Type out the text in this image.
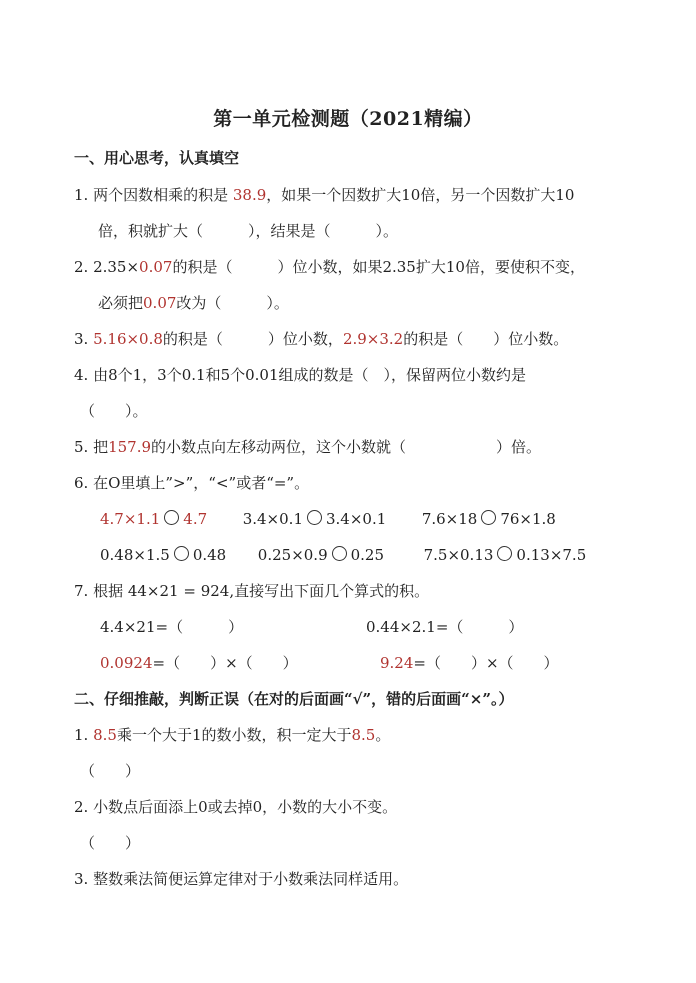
第一单元检测题（2021精编）
一、用心思考，认真填空
1. 两个因数相乘的积是 38.9，如果一个因数扩大10倍，另一个因数扩大10
倍，积就扩大（　　　），结果是（　　　）。
2. 2.35×0.07的积是（　　　）位小数，如果2.35扩大10倍，要使积不变，
必须把0.07改为（　　　）。
3. 5.16×0.8的积是（　　　）位小数，2.9×3.2的积是（　　）位小数。
4. 由8个1，3个0.1和5个0.01组成的数是（　），保留两位小数约是
（　　）。
5. 把157.9的小数点向左移动两位，这个小数就（　　　　　　）倍。
6. 在O里填上”>”，“<”或者“=”。
4.7×1.1 4.7 3.4×0.1 3.4×0.1 7.6×18 76×1.8
0.48×1.5 0.48 0.25×0.9 0.25	7.5×0.13 0.13×7.5
7. 根据 44×21 = 924,直接写出下面几个算式的积。
4.4×21=（　　　）	0.44×2.1=（　　　）
0.0924=（　　）×（　　）	9.24=（　　）×（　　）
二、仔细推敲，判断正误（在对的后面画“√”，错的后面画“×”。）
1. 8.5乘一个大于1的数小数，积一定大于8.5。
（　　）
2. 小数点后面添上0或去掉0，小数的大小不变。
（　　）
3. 整数乘法简便运算定律对于小数乘法同样适用。
